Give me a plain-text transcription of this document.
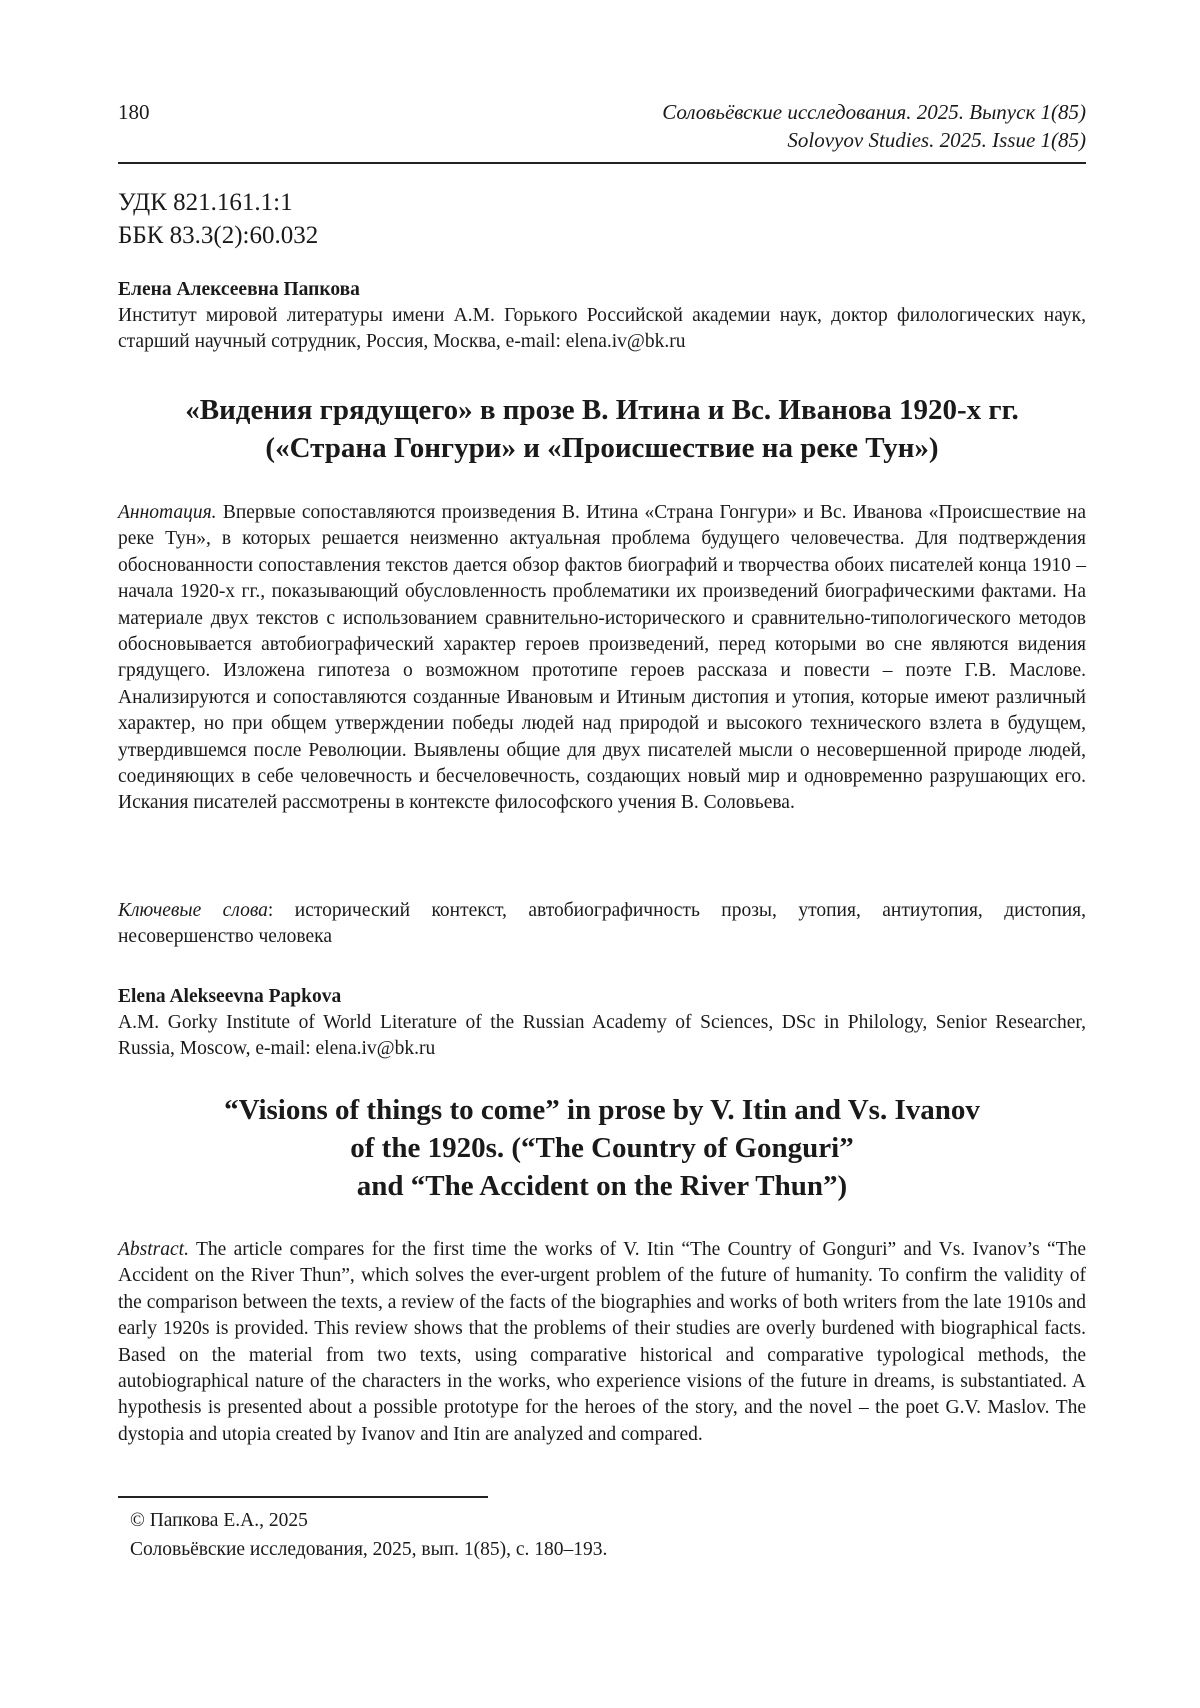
180	Соловьёвские исследования. 2025. Выпуск 1(85)
Solovyov Studies. 2025. Issue 1(85)
УДК 821.161.1:1
ББК 83.3(2):60.032
Елена Алексеевна Папкова
Институт мировой литературы имени А.М. Горького Российской академии наук, доктор филологических наук, старший научный сотрудник, Россия, Москва, e-mail: elena.iv@bk.ru
«Видения грядущего» в прозе В. Итина и Вс. Иванова 1920-х гг.
(«Страна Гонгури» и «Происшествие на реке Тун»)
Аннотация. Впервые сопоставляются произведения В. Итина «Страна Гонгури» и Вс. Иванова «Происшествие на реке Тун», в которых решается неизменно актуальная проблема будущего человечества. Для подтверждения обоснованности сопоставления текстов дается обзор фактов биографий и творчества обоих писателей конца 1910 – начала 1920-х гг., показывающий обусловленность проблематики их произведений биографическими фактами. На материале двух текстов с использованием сравнительно-исторического и сравнительно-типологического методов обосновывается автобиографический характер героев произведений, перед которыми во сне являются видения грядущего. Изложена гипотеза о возможном прототипе героев рассказа и повести – поэте Г.В. Маслове. Анализируются и сопоставляются созданные Ивановым и Итиным дистопия и утопия, которые имеют различный характер, но при общем утверждении победы людей над природой и высокого технического взлета в будущем, утвердившемся после Революции. Выявлены общие для двух писателей мысли о несовершенной природе людей, соединяющих в себе человечность и бесчеловечность, создающих новый мир и одновременно разрушающих его. Искания писателей рассмотрены в контексте философского учения В. Соловьева.
Ключевые слова: исторический контекст, автобиографичность прозы, утопия, антиутопия, дистопия, несовершенство человека
Elena Alekseevna Papkova
A.M. Gorky Institute of World Literature of the Russian Academy of Sciences, DSc in Philology, Senior Researcher, Russia, Moscow, e-mail: elena.iv@bk.ru
“Visions of things to come” in prose by V. Itin and Vs. Ivanov
of the 1920s. (“The Country of Gonguri”
and “The Accident on the River Thun”)
Abstract. The article compares for the first time the works of V. Itin “The Country of Gonguri” and Vs. Ivanov’s “The Accident on the River Thun”, which solves the ever-urgent problem of the future of humanity. To confirm the validity of the comparison between the texts, a review of the facts of the biographies and works of both writers from the late 1910s and early 1920s is provided. This review shows that the problems of their studies are overly burdened with biographical facts. Based on the material from two texts, using comparative historical and comparative typological methods, the autobiographical nature of the characters in the works, who experience visions of the future in dreams, is substantiated. A hypothesis is presented about a possible prototype for the heroes of the story, and the novel – the poet G.V. Maslov. The dystopia and utopia created by Ivanov and Itin are analyzed and compared.
© Папкова Е.А., 2025
Соловьёвские исследования, 2025, вып. 1(85), с. 180–193.
